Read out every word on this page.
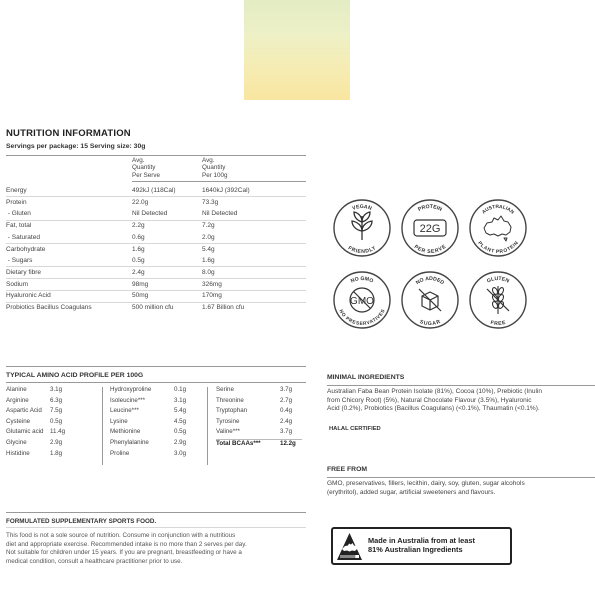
NUTRITION INFORMATION
Servings per package: 15 Serving size: 30g
Avg.
Quantity
Per Serve
Avg.
Quantity
Per 100g
Energy	492kJ (118Cal)	1640kJ (392Cal)
Protein	22.0g	73.3g
- Gluten	Nil Detected	Nil Detected
Fat, total	2.2g	7.2g
- Saturated	0.6g	2.0g
Carbohydrate	1.6g	5.4g
- Sugars	0.5g	1.6g
Dietary fibre	2.4g	8.0g
Sodium	98mg	326mg
Hyaluronic Acid	50mg	170mg
Probiotics Bacillus Coagulans	500 million cfu	1.67 Billion cfu
TYPICAL AMINO ACID PROFILE PER 100G
Alanine	3.1g
Arginine	6.3g
Aspartic Acid 7.5g
Cysteine	0.5g
Glutamic acid 11.4g
Glycine	2.9g
Histidine	1.8g
Hydroxyproline	0.1g
Isoleucine***	3.1g
Leucine***	5.4g
Lysine	4.5g
Methionine	0.5g
Phenylalanine	2.9g
Proline	3.0g
Serine	3.7g
Threonine	2.7g
Tryptophan	0.4g
Tyrosine	2.4g
Valine***	3.7g
Total BCAAs***	12.2g
VEGAN
FRIENDLY
PROTEIN
PER SERVE
22G
AUSTRALIAN
PLANT PROTEIN
NO GMO
NO PRESERVATIVES
GMO
NO ADDED
SUGAR
GLUTEN
FREE
MINIMAL INGREDIENTS
Australian Faba Bean Protein Isolate (81%), Cocoa (10%), Prebiotic (Inulin
from Chicory Root) (5%), Natural Chocolate Flavour (3.5%), Hyaluronic
Acid (0.2%), Probiotics (Bacillus Coagulans) (<0.1%), Thaumatin (<0.1%).
HALAL CERTIFIED
FREE FROM
GMO, preservatives, fillers, lecithin, dairy, soy, gluten, sugar alcohols
(erythritol), added sugar, artificial sweeteners and flavours.
FORMULATED SUPPLEMENTARY SPORTS FOOD.
This food is not a sole source of nutrition. Consume in conjunction with a nutritious
diet and appropriate exercise. Recommended intake is no more than 2 serves per day.
Not suitable for children under 15 years. If you are pregnant, breastfeeding or have a
medical condition, consult a healthcare practitioner prior to use.
Made in Australia from at least
81% Australian Ingredients
